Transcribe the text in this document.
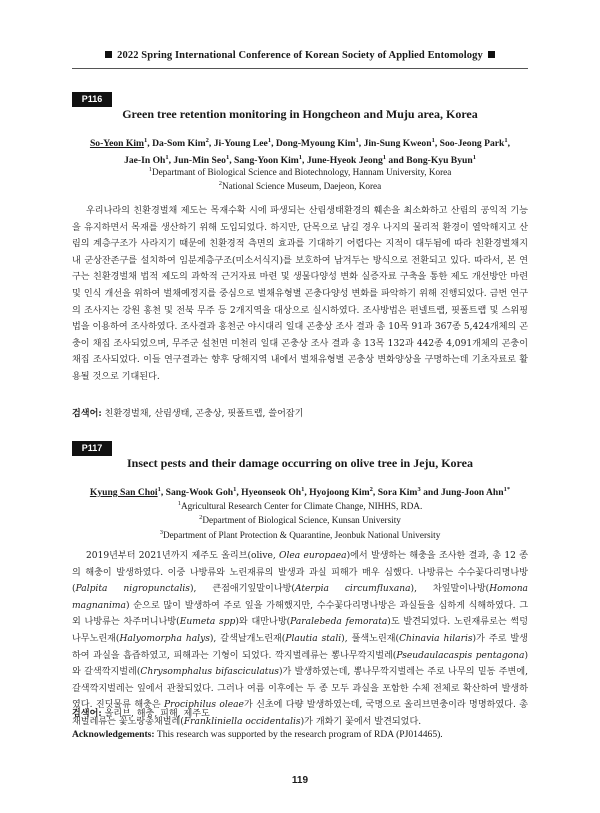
2022 Spring International Conference of Korean Society of Applied Entomology
P116
Green tree retention monitoring in Hongcheon and Muju area, Korea
So-Yeon Kim$^1$, Da-Som Kim$^2$, Ji-Young Lee$^1$, Dong-Myoung Kim$^1$, Jin-Sung Kweon$^1$, Soo-Jeong Park$^1$,
Jae-In Oh$^1$, Jun-Min Seo$^1$, Sang-Yoon Kim$^1$, June-Hyeok Jeong$^1$ and Bong-Kyu Byun$^1$
$^1$Departmant of Biological Science and Biotechnology, Hannam University, Korea
$^2$National Science Museum, Daejeon, Korea

우리나라의 친환경벌채 제도는 목재수확 시에 파생되는 산림생태환경의 훼손을 최소화하고 산림의 공익적 기능을 유지하면서 목재를 생산하기 위해 도입되었다. 하지만, 단목으로 남길 경우 나지의 물리적 환경이 열악해지고 산림의 계층구조가 사라지기 때문에 친환경적 측면의 효과를 기대하기 어렵다는 지적이 대두됨에 따라 친환경벌채지 내 군상잔존구를 설치하여 임분계층구조(미소서식지)를 보호하여 남겨두는 방식으로 전환되고 있다. 따라서, 본 연구는 친환경벌채 법적 제도의 과학적 근거자료 마련 및 생물다양성 변화 실증자료 구축을 통한 제도 개선방안 마련 및 인식 개선을 위하여 벌채예정지를 중심으로 벌채유형별 곤충다양성 변화를 파악하기 위해 진행되었다. 금번 연구의 조사지는 강원 홍천 및 전북 무주 등 2개지역을 대상으로 실시하였다. 조사방법은 펀넬트랩, 핏폴트랩 및 스위핑법을 이용하여 조사하였다. 조사결과 홍천군 야시대리 일대 곤충상 조사 결과 총 10목 91과 367종 5,424개체의 곤충이 채집 조사되었으며, 무주군 설천면 미천리 일대 곤충상 조사 결과 총 13목 132과 442종 4,091개체의 곤충이 채집 조사되었다. 이들 연구결과는 향후 당해지역 내에서 벌채유형별 곤충상 변화양상을 구명하는데 기초자료로 활용될 것으로 기대된다.

검색어: 친환경벌채, 산림생태, 곤충상, 핏폴트랩, 쓸어잡기
P117
Insect pests and their damage occurring on olive tree in Jeju, Korea
Kyung San Choi$^1$, Sang-Wook Goh$^1$, Hyeonseok Oh$^1$, Hyojoong Kim$^2$, Sora Kim$^3$ and Jung-Joon Ahn$^{1*}$
$^1$Agricultural Research Center for Climate Change, NIHHS, RDA.
$^2$Department of Biological Science, Kunsan University
$^3$Department of Plant Protection & Quarantine, Jeonbuk National University

2019년부터 2021년까지 제주도 올리브(olive, Olea europaea)에서 발생하는 해충을 조사한 결과, 총 12 종의 해충이 발생하였다. 이중 나방류와 노린재류의 발생과 과실 피해가 매우 심했다. 나방류는 수수꽃다리명나방(Palpita nigropunctalis), 큰점애기잎말이나방(Aterpia circumfluxana), 차잎말이나방(Homona magnanima) 순으로 많이 발생하여 주로 잎을 가해했지만, 수수꽃다리명나방은 과실들을 심하게 식해하였다. 그 외 나방류는 차주머니나방(Eumeta spp)와 대만나방(Paralebeda femorata)도 발견되었다. 노린재류로는 썩덩나무노린재(Halyomorpha halys), 갈색날개노린재(Plautia stali), 풀색노린재(Chinavia hilaris)가 주로 발생하여 과실을 흡즙하였고, 피해과는 기형이 되었다. 깍지벌레류는 뽕나무깍지벌레(Pseudaulacaspis pentagona)와 갈색깍지벌레(Chrysomphalus bifasciculatus)가 발생하였는데, 뽕나무깍지벌레는 주로 나무의 밑동 주변에, 갈색깍지벌레는 잎에서 관찰되었다. 그러나 여름 이후에는 두 종 모두 과실을 포함한 수체 전체로 확산하여 발생하였다. 진딧물류 해충은 Prociphilus oleae가 신초에 다량 발생하였는데, 국명으로 올리브면충이라 명명하였다. 총채벌레류는 꽃노랑총채벌레(Frankliniella occidentalis)가 개화기 꽃에서 발견되었다.

검색어: 올리브, 해충, 피해, 제주도
Acknowledgements: This research was supported by the research program of RDA (PJ014465).
119
